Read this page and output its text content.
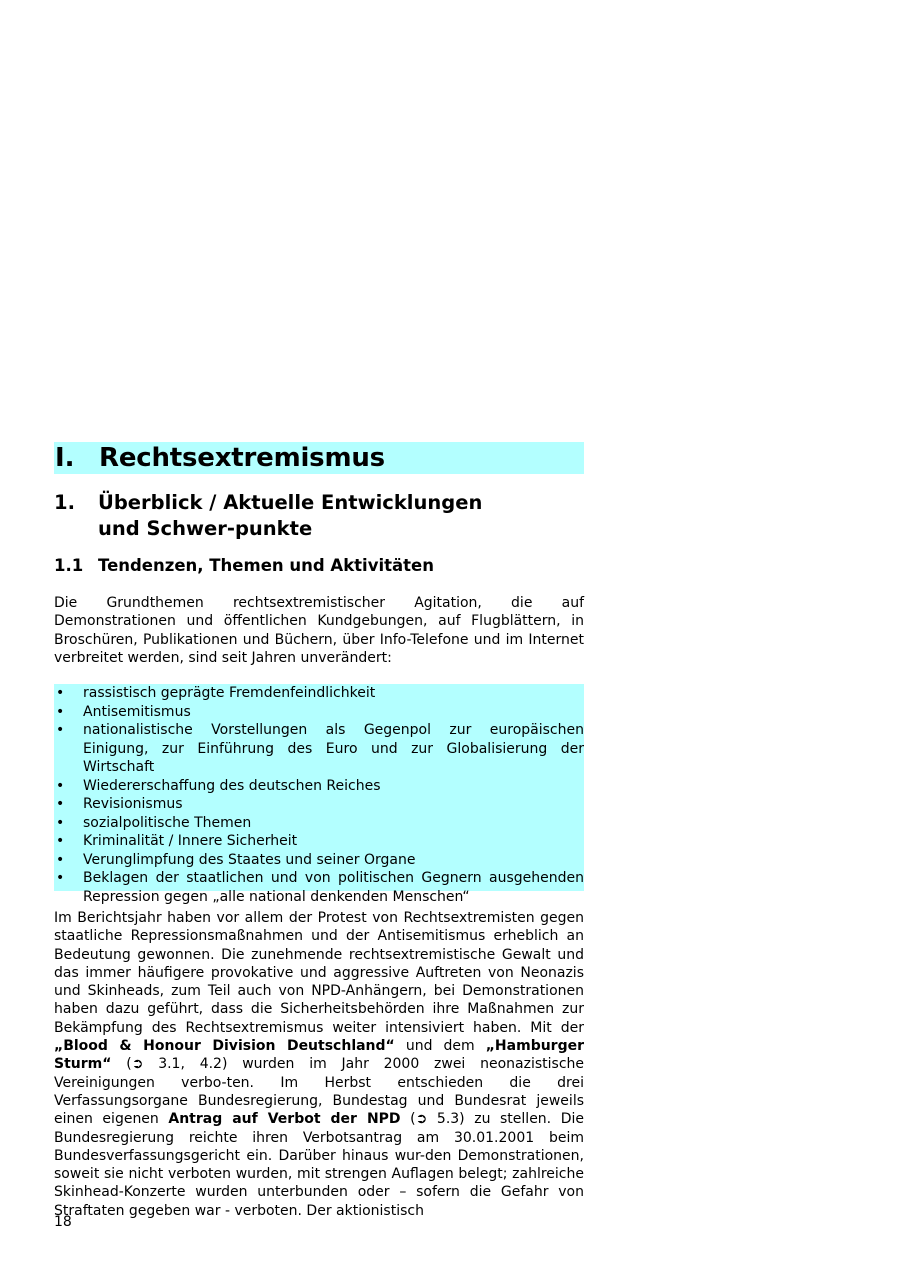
I. Rechtsextremismus
1.	Überblick / Aktuelle Entwicklungen und Schwer-punkte
1.1 Tendenzen, Themen und Aktivitäten

Die Grundthemen rechtsextremistischer Agitation, die auf Demonstrationen und öffentlichen Kundgebungen, auf Flugblättern, in Broschüren, Publikationen und Büchern, über Info-Telefone und im Internet verbreitet werden, sind seit Jahren unverändert:

• rassistisch geprägte Fremdenfeindlichkeit
• Antisemitismus
• nationalistische Vorstellungen als Gegenpol zur europäischen Einigung, zur Einführung des Euro und zur Globalisierung der Wirtschaft
• Wiedererschaffung des deutschen Reiches
• Revisionismus
• sozialpolitische Themen
• Kriminalität / Innere Sicherheit
• Verunglimpfung des Staates und seiner Organe
• Beklagen der staatlichen und von politischen Gegnern ausgehenden Repression gegen „alle national denkenden Menschen“

Im Berichtsjahr haben vor allem der Protest von Rechtsextremisten gegen staatliche Repressionsmaßnahmen und der Antisemitismus erheblich an Bedeutung gewonnen. Die zunehmende rechtsextremistische Gewalt und das immer häufigere provokative und aggressive Auftreten von Neonazis und Skinheads, zum Teil auch von NPD-Anhängern, bei Demonstrationen haben dazu geführt, dass die Sicherheitsbehörden ihre Maßnahmen zur Bekämpfung des Rechtsextremismus weiter intensiviert haben. Mit der „Blood & Honour Division Deutschland“ und dem „Hamburger Sturm“ (➲ 3.1, 4.2) wurden im Jahr 2000 zwei neonazistische Vereinigungen verbo-ten. Im Herbst entschieden die drei Verfassungsorgane Bundesregierung, Bundestag und Bundesrat jeweils einen eigenen Antrag auf Verbot der NPD (➲ 5.3) zu stellen. Die Bundesregierung reichte ihren Verbotsantrag am 30.01.2001 beim Bundesverfassungsgericht ein. Darüber hinaus wur-den Demonstrationen, soweit sie nicht verboten wurden, mit strengen Auflagen belegt; zahlreiche Skinhead-Konzerte wurden unterbunden oder – sofern die Gefahr von Straftaten gegeben war - verboten. Der aktionistisch

18
